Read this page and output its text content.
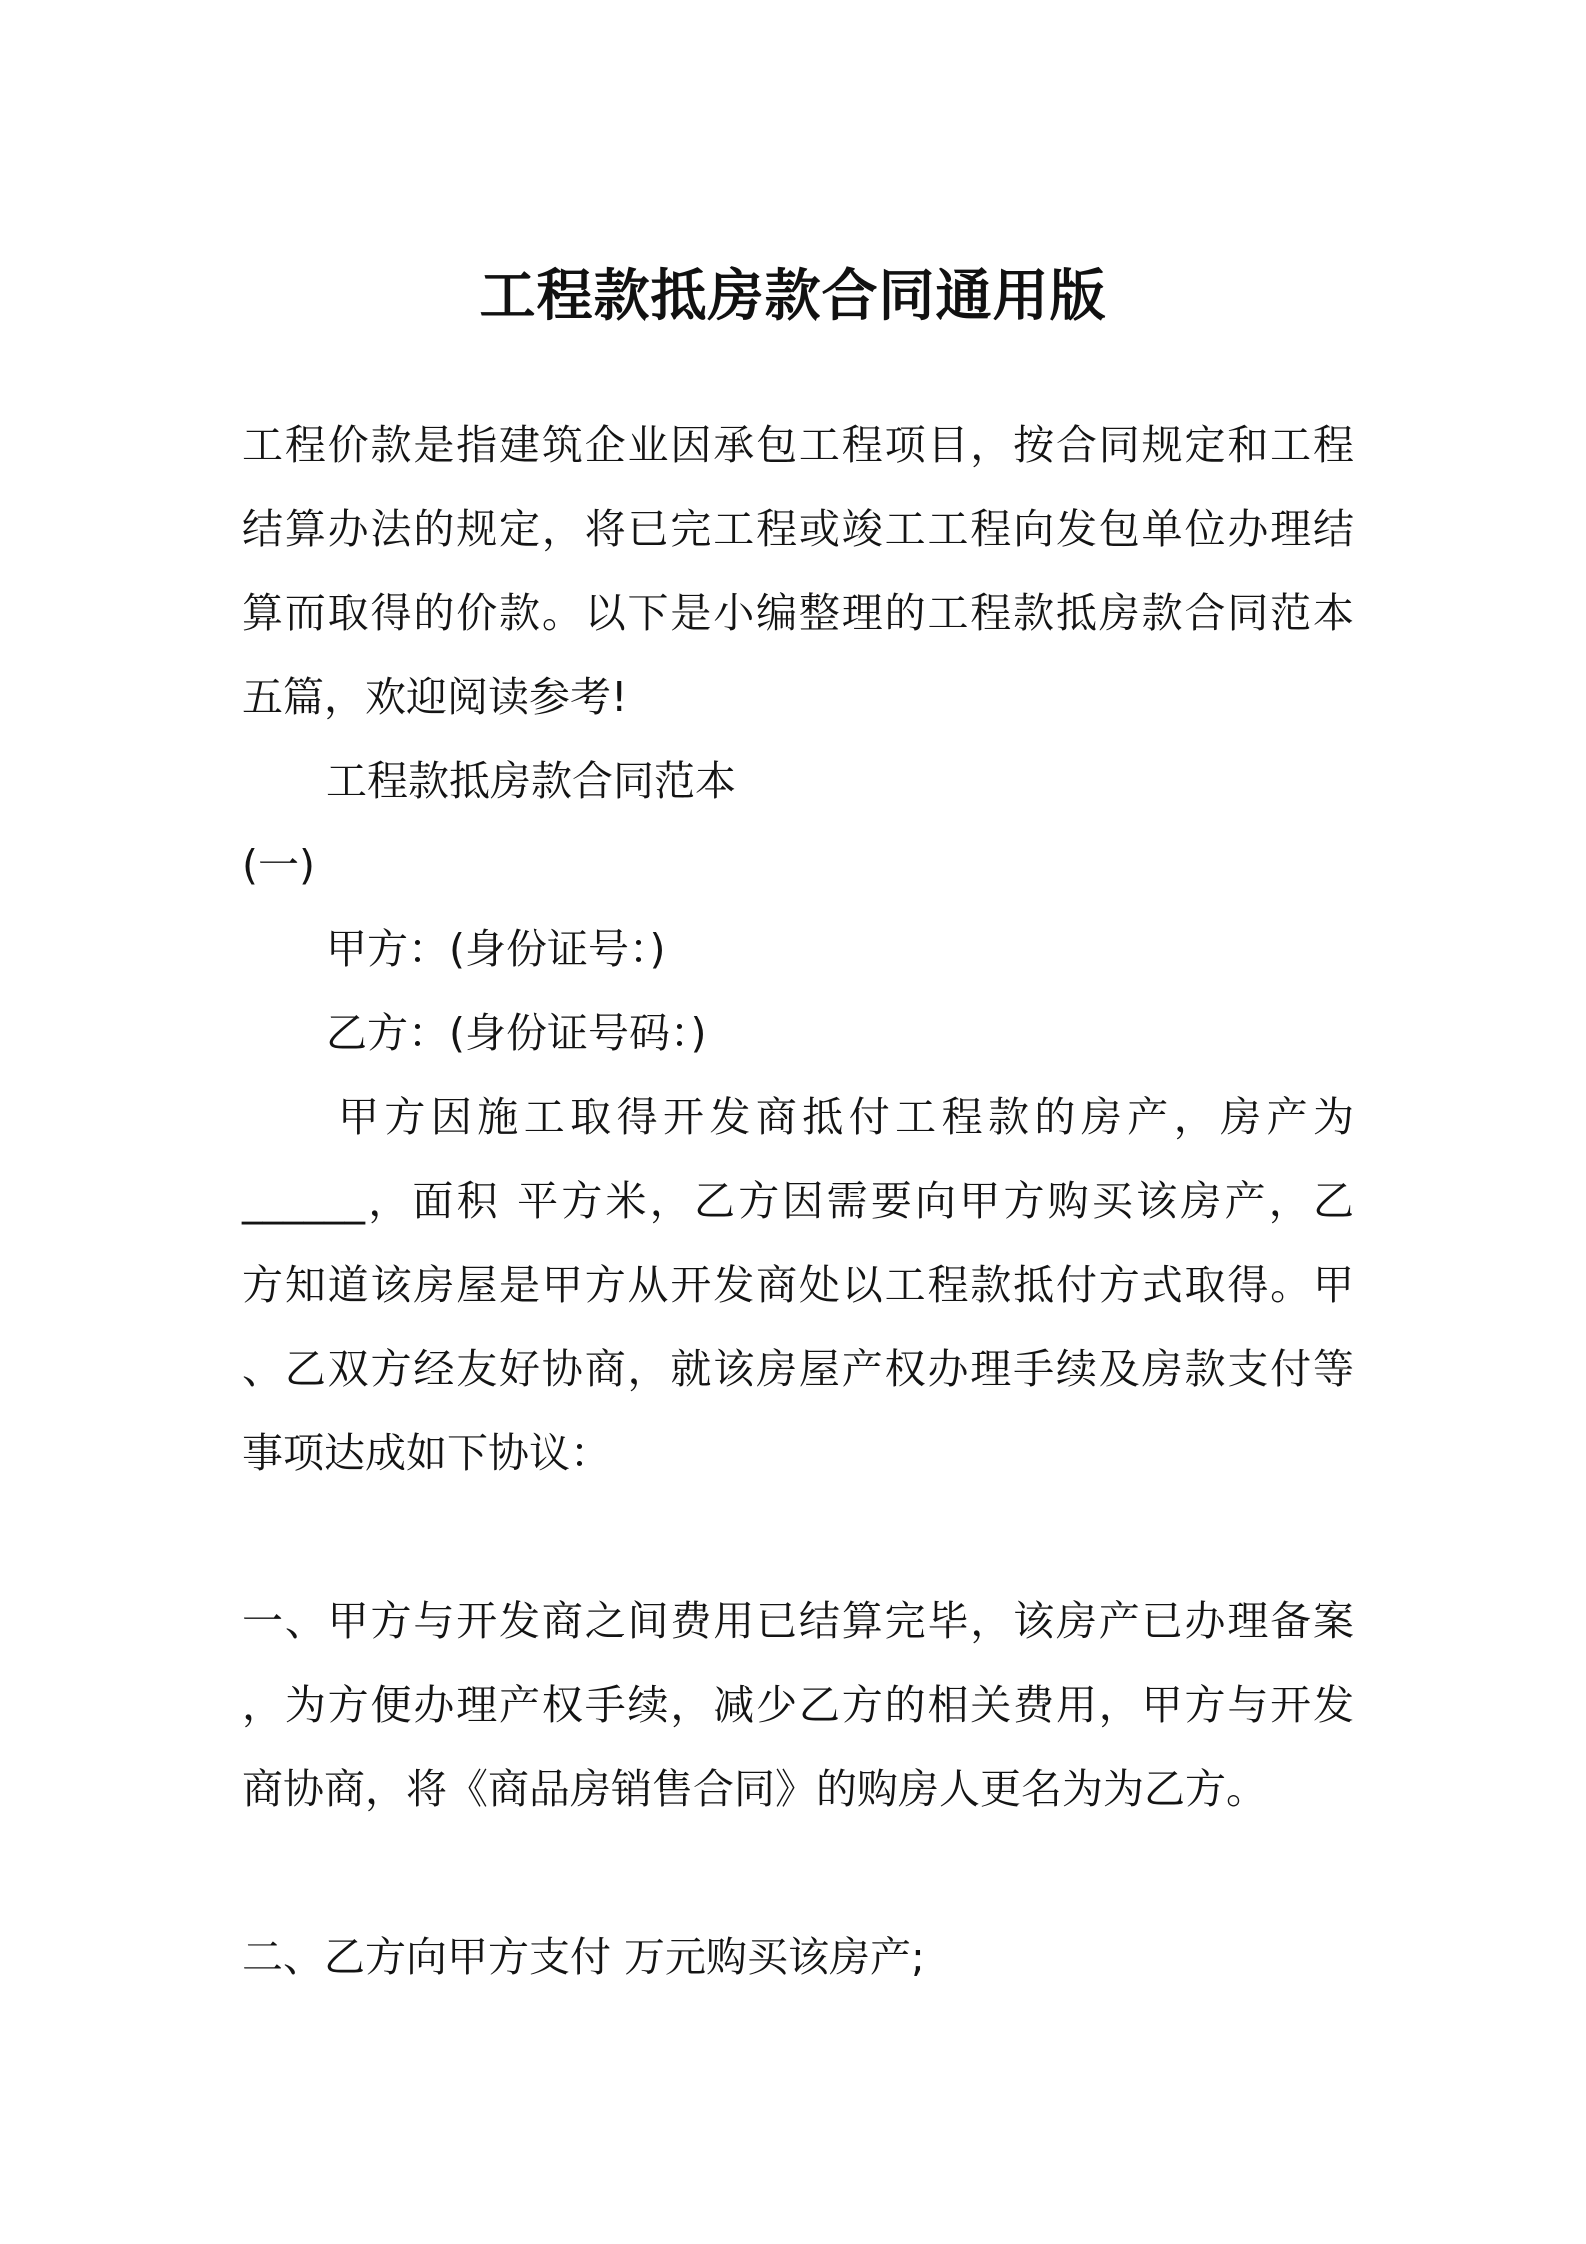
工程款抵房款合同通用版
工程价款是指建筑企业因承包工程项目，按合同规定和工程
结算办法的规定，将已完工程或竣工工程向发包单位办理结
算而取得的价款。以下是小编整理的工程款抵房款合同范本
五篇，欢迎阅读参考!
工程款抵房款合同范本
(一)
甲方：(身份证号：)
乙方：(身份证号码：)
甲方因施工取得开发商抵付工程款的房产，房产为
______，面积 平方米，乙方因需要向甲方购买该房产，乙
方知道该房屋是甲方从开发商处以工程款抵付方式取得。甲
、乙双方经友好协商，就该房屋产权办理手续及房款支付等
事项达成如下协议：
一、甲方与开发商之间费用已结算完毕，该房产已办理备案
，为方便办理产权手续，减少乙方的相关费用，甲方与开发
商协商，将《商品房销售合同》的购房人更名为为乙方。
二、乙方向甲方支付 万元购买该房产;
